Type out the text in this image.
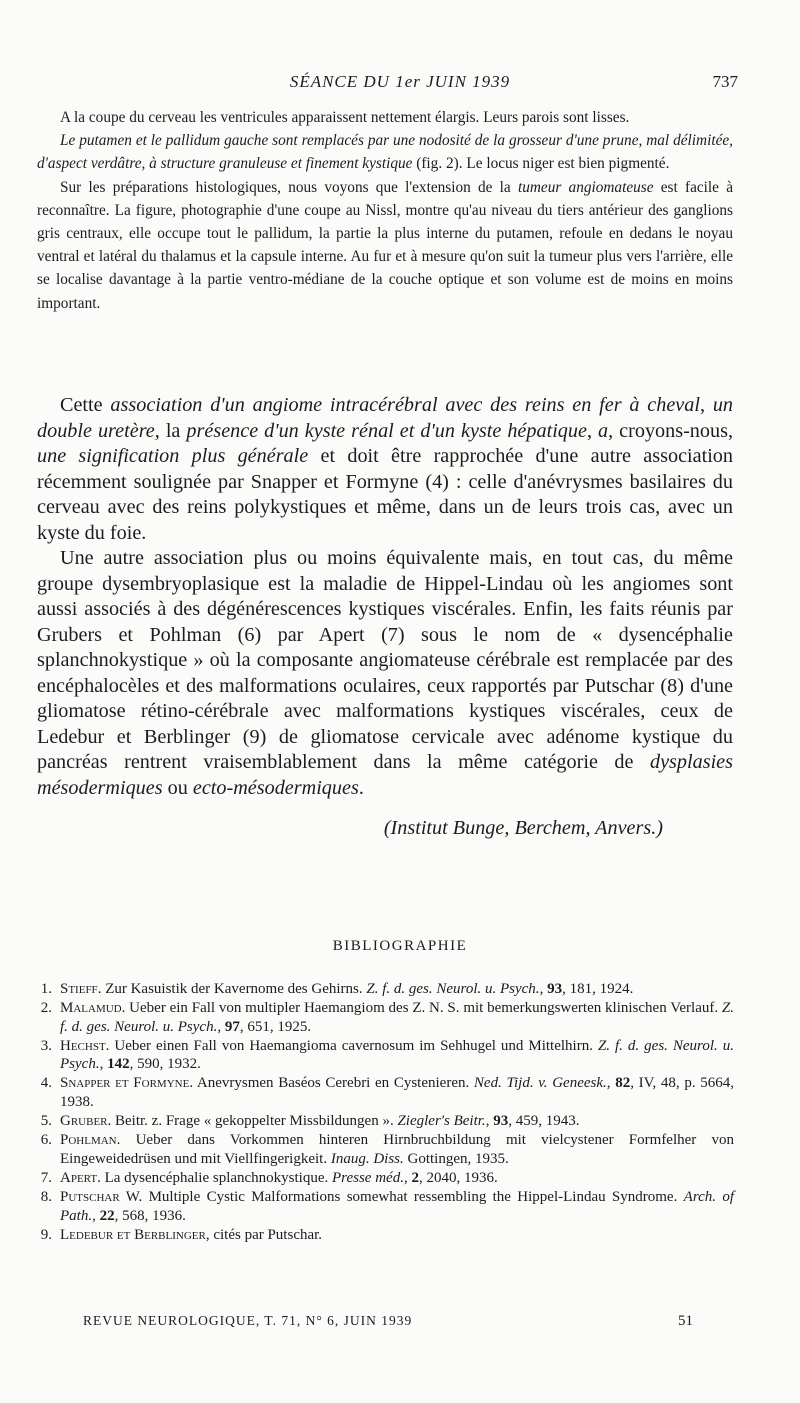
SÉANCE DU 1er JUIN 1939	737

A la coupe du cerveau les ventricules apparaissent nettement élargis. Leurs parois sont lisses.

Le putamen et le pallidum gauche sont remplacés par une nodosité de la grosseur d'une prune, mal délimitée, d'aspect verdâtre, à structure granuleuse et finement kystique (fig. 2). Le locus niger est bien pigmenté.

Sur les préparations histologiques, nous voyons que l'extension de la tumeur angiomateuse est facile à reconnaître. La figure, photographie d'une coupe au Nissl, montre qu'au niveau du tiers antérieur des ganglions gris centraux, elle occupe tout le pallidum, la partie la plus interne du putamen, refoule en dedans le noyau ventral et latéral du thalamus et la capsule interne. Au fur et à mesure qu'on suit la tumeur plus vers l'arrière, elle se localise davantage à la partie ventro-médiane de la couche optique et son volume est de moins en moins important.

Cette association d'un angiome intracérébral avec des reins en fer à cheval, un double uretère, la présence d'un kyste rénal et d'un kyste hépatique, a, croyons-nous, une signification plus générale et doit être rapprochée d'une autre association récemment soulignée par Snapper et Formyne (4) : celle d'anévrysmes basilaires du cerveau avec des reins polykystiques et même, dans un de leurs trois cas, avec un kyste du foie.

Une autre association plus ou moins équivalente mais, en tout cas, du même groupe dysembryoplasique est la maladie de Hippel-Lindau où les angiomes sont aussi associés à des dégénérescences kystiques viscérales. Enfin, les faits réunis par Grubers et Pohlman (6) par Apert (7) sous le nom de « dysencéphalie splanchnokystique » où la composante angiomateuse cérébrale est remplacée par des encéphalocèles et des malformations oculaires, ceux rapportés par Putschar (8) d'une gliomatose rétino-cérébrale avec malformations kystiques viscérales, ceux de Ledebur et Berblinger (9) de gliomatose cervicale avec adénome kystique du pancréas rentrent vraisemblablement dans la même catégorie de dysplasies mésodermiques ou ecto-mésodermiques.

(Institut Bunge, Berchem, Anvers.)

BIBLIOGRAPHIE
1. Stieff. Zur Kasuistik der Kavernome des Gehirns. Z. f. d. ges. Neurol. u. Psych., 93, 181, 1924.
2. Malamud. Ueber ein Fall von multipler Haemangiom des Z. N. S. mit bemerkungswerten klinischen Verlauf. Z. f. d. ges. Neurol. u. Psych., 97, 651, 1925.
3. Hechst. Ueber einen Fall von Haemangioma cavernosum im Sehhugel und Mittelhirn. Z. f. d. ges. Neurol. u. Psych., 142, 590, 1932.
4. Snapper et Formyne. Anevrysmen Baséos Cerebri en Cystenieren. Ned. Tijd. v. Geneesk., 82, IV, 48, p. 5664, 1938.
5. Gruber. Beitr. z. Frage « gekoppelter Missbildungen ». Ziegler's Beitr., 93, 459, 1943.
6. Pohlman. Ueber dans Vorkommen hinteren Hirnbruchbildung mit vielcystener Formfelher von Eingeweidedrüsen und mit Viellfingerigkeit. Inaug. Diss. Gottingen, 1935.
7. Apert. La dysencéphalie splanchnokystique. Presse méd., 2, 2040, 1936.
8. Putschar W. Multiple Cystic Malformations somewhat ressembling the Hippel-Lindau Syndrome. Arch. of Path., 22, 568, 1936.
9. Ledebur et Berblinger, cités par Putschar.
REVUE NEUROLOGIQUE, T. 71, N° 6, JUIN 1939	51
